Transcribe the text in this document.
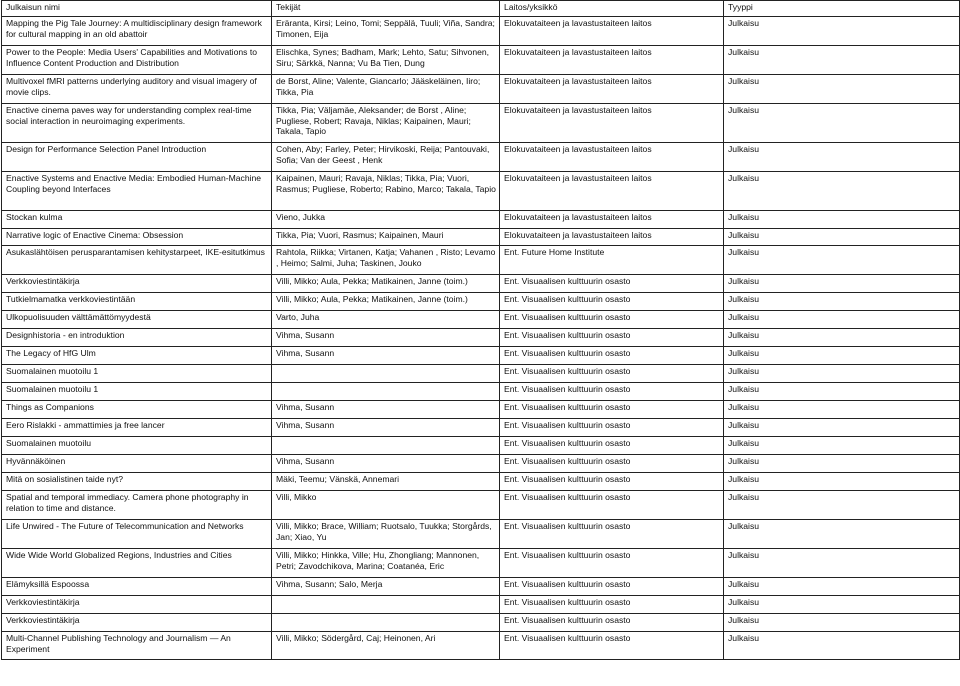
Julkaisun nimi	Tekijät	Laitos/yksikkö	Tyyppi
Mapping the Pig Tale Journey: A multidisciplinary design framework for cultural mapping in an old abattoir	Eräranta, Kirsi; Leino, Tomi; Seppälä, Tuuli; Viña, Sandra; Timonen, Eija	Elokuvataiteen ja lavastustaiteen laitos	Julkaisu
Power to the People: Media Users' Capabilities and Motivations to Influence Content Production and Distribution	Elischka, Synes; Badham, Mark; Lehto, Satu; Sihvonen, Siru; Särkkä, Nanna; Vu Ba Tien, Dung	Elokuvataiteen ja lavastustaiteen laitos	Julkaisu
Multivoxel fMRI patterns underlying auditory and visual imagery of movie clips.	de Borst, Aline; Valente, Giancarlo; Jääskeläinen, Iiro; Tikka, Pia	Elokuvataiteen ja lavastustaiteen laitos	Julkaisu
Enactive cinema paves way for understanding complex real-time social interaction in neuroimaging experiments.	Tikka, Pia; Väljamäe, Aleksander; de Borst , Aline; Pugliese, Robert; Ravaja, Niklas; Kaipainen, Mauri; Takala, Tapio	Elokuvataiteen ja lavastustaiteen laitos	Julkaisu
Design for Performance Selection Panel Introduction	Cohen, Aby; Farley, Peter; Hirvikoski, Reija; Pantouvaki, Sofia; Van der Geest , Henk	Elokuvataiteen ja lavastustaiteen laitos	Julkaisu
Enactive Systems and Enactive Media: Embodied Human-Machine Coupling beyond Interfaces	Kaipainen, Mauri; Ravaja, Niklas; Tikka, Pia; Vuori, Rasmus; Pugliese, Roberto; Rabino, Marco; Takala, Tapio	Elokuvataiteen ja lavastustaiteen laitos	Julkaisu
Stockan kulma	Vieno, Jukka	Elokuvataiteen ja lavastustaiteen laitos	Julkaisu
Narrative logic of Enactive Cinema: Obsession	Tikka, Pia; Vuori, Rasmus; Kaipainen, Mauri	Elokuvataiteen ja lavastustaiteen laitos	Julkaisu
Asukaslähtöisen perusparantamisen kehitystarpeet, IKE-esitutkimus	Rahtola, Riikka; Virtanen, Katja; Vahanen , Risto; Levamo , Heimo; Salmi, Juha; Taskinen, Jouko	Ent. Future Home Institute	Julkaisu
Verkkoviestintäkirja	Villi, Mikko; Aula, Pekka; Matikainen, Janne (toim.)	Ent. Visuaalisen kulttuurin osasto	Julkaisu
Tutkielmamatka verkkoviestintään	Villi, Mikko; Aula, Pekka; Matikainen, Janne (toim.)	Ent. Visuaalisen kulttuurin osasto	Julkaisu
Ulkopuolisuuden välttämättömyydestä	Varto, Juha	Ent. Visuaalisen kulttuurin osasto	Julkaisu
Designhistoria - en introduktion	Vihma, Susann	Ent. Visuaalisen kulttuurin osasto	Julkaisu
The Legacy of HfG Ulm	Vihma, Susann	Ent. Visuaalisen kulttuurin osasto	Julkaisu
Suomalainen muotoilu 1		Ent. Visuaalisen kulttuurin osasto	Julkaisu
Suomalainen muotoilu 1		Ent. Visuaalisen kulttuurin osasto	Julkaisu
Things as Companions	Vihma, Susann	Ent. Visuaalisen kulttuurin osasto	Julkaisu
Eero Rislakki - ammattimies ja free lancer	Vihma, Susann	Ent. Visuaalisen kulttuurin osasto	Julkaisu
Suomalainen muotoilu		Ent. Visuaalisen kulttuurin osasto	Julkaisu
Hyvännäköinen	Vihma, Susann	Ent. Visuaalisen kulttuurin osasto	Julkaisu
Mitä on sosialistinen taide nyt?	Mäki, Teemu; Vänskä, Annemari	Ent. Visuaalisen kulttuurin osasto	Julkaisu
Spatial and temporal immediacy. Camera phone photography in relation to time and distance.	Villi, Mikko	Ent. Visuaalisen kulttuurin osasto	Julkaisu
Life Unwired - The Future of Telecommunication and Networks	Villi, Mikko; Brace, William; Ruotsalo, Tuukka; Storgårds, Jan; Xiao, Yu	Ent. Visuaalisen kulttuurin osasto	Julkaisu
Wide Wide World Globalized Regions, Industries and Cities	Villi, Mikko; Hinkka, Ville; Hu, Zhongliang; Mannonen, Petri; Zavodchikova, Marina; Coatanéa, Eric	Ent. Visuaalisen kulttuurin osasto	Julkaisu
Elämyksillä Espoossa	Vihma, Susann; Salo, Merja	Ent. Visuaalisen kulttuurin osasto	Julkaisu
Verkkoviestintäkirja		Ent. Visuaalisen kulttuurin osasto	Julkaisu
Verkkoviestintäkirja		Ent. Visuaalisen kulttuurin osasto	Julkaisu
Multi-Channel Publishing Technology and Journalism — An Experiment	Villi, Mikko; Södergård, Caj; Heinonen, Ari	Ent. Visuaalisen kulttuurin osasto	Julkaisu
